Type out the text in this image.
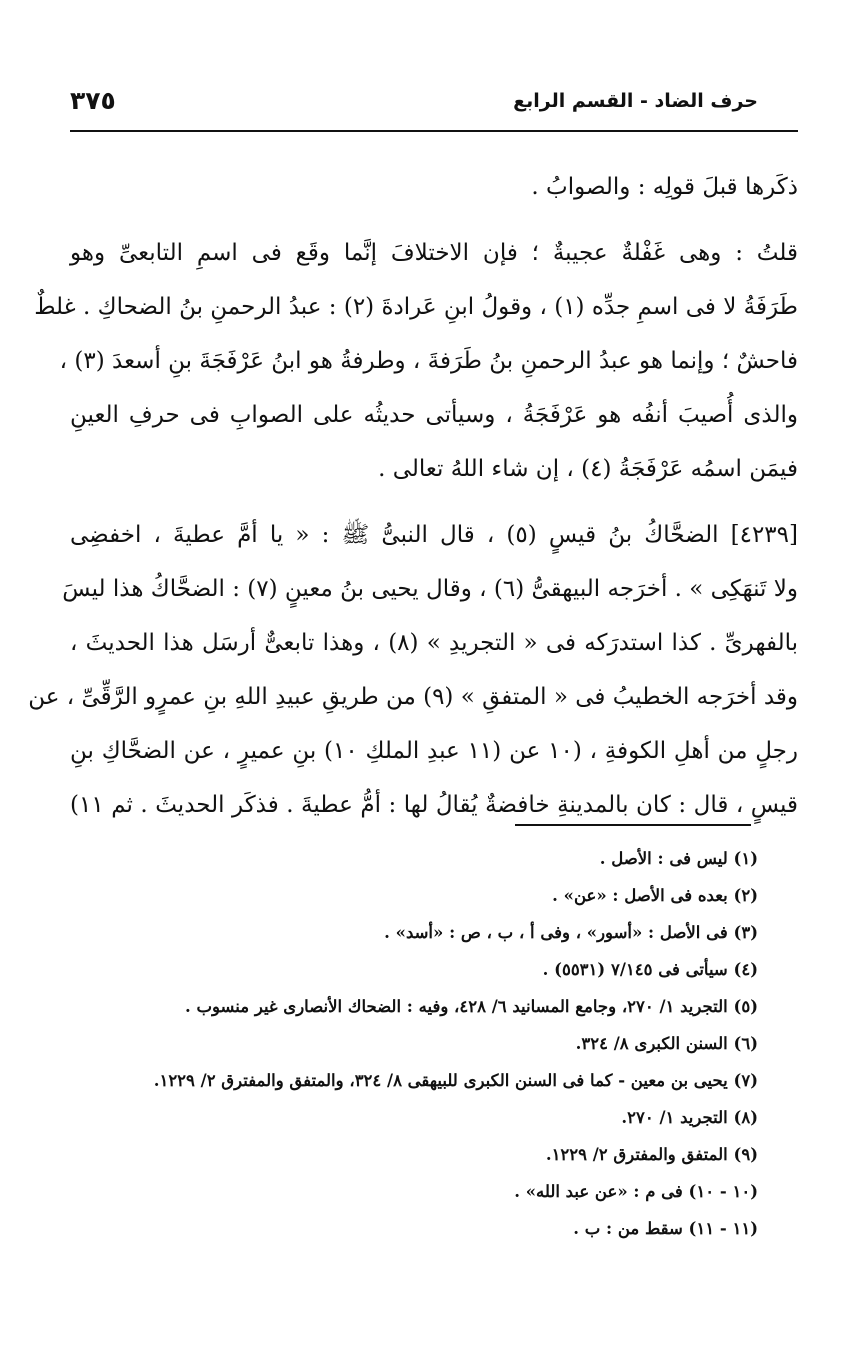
حرف الضاد - القسم الرابع
٣٧٥
ذكَرها قبلَ قولِه : والصوابُ .
قلتُ : وهى غَفْلةٌ عجيبةٌ ؛ فإن الاختلافَ إنَّما وقَع فى اسمِ التابعىِّ وهو
طَرَفَةُ لا فى اسمِ جدِّه (١) ، وقولُ ابنِ عَرادةَ (٢) : عبدُ الرحمنِ بنُ الضحاكِ . غلطٌ
فاحشٌ ؛ وإنما هو عبدُ الرحمنِ بنُ طَرَفةَ ، وطرفةُ هو ابنُ عَرْفَجَةَ بنِ أسعدَ (٣) ،
والذى أُصيبَ أنفُه هو عَرْفَجَةُ ، وسيأتى حديثُه على الصوابِ فى حرفِ العينِ
فيمَن اسمُه عَرْفَجَةُ (٤) ، إن شاء اللهُ تعالى .
[٤٢٣٩] الضحَّاكُ بنُ قيسٍ (٥) ، قال النبىُّ ﷺ : « يا أمَّ عطيةَ ، اخفضِى
ولا تَنهَكِى » . أخرَجه البيهقىُّ (٦) ، وقال يحيى بنُ معينٍ (٧) : الضحَّاكُ هذا ليسَ
بالفهرىِّ . كذا استدرَكه فى « التجريدِ » (٨) ، وهذا تابعىٌّ أرسَل هذا الحديثَ ،
وقد أخرَجه الخطيبُ فى « المتفقِ » (٩) من طريقِ عبيدِ اللهِ بنِ عمرٍو الرَّقِّىِّ ، عن
رجلٍ من أهلِ الكوفةِ ، (١٠ عن (١١ عبدِ الملكِ ١٠) بنِ عميرٍ ، عن الضحَّاكِ بنِ
قيسٍ ، قال : كان بالمدينةِ خافضةٌ يُقالُ لها : أمُّ عطيةَ . فذكَر الحديثَ . ثم ١١)
(١) ليس فى : الأصل .
(٢) بعده فى الأصل : «عن» .
(٣) فى الأصل : «أسور» ، وفى أ ، ب ، ص : «أسد» .
(٤) سيأتى فى ٧/١٤٥ (٥٥٣١) .
(٥) التجريد ١/ ٢٧٠، وجامع المسانيد ٦/ ٤٢٨، وفيه : الضحاك الأنصارى غير منسوب .
(٦) السنن الكبرى ٨/ ٣٢٤.
(٧) يحيى بن معين - كما فى السنن الكبرى للبيهقى ٨/ ٣٢٤، والمتفق والمفترق ٢/ ١٢٢٩.
(٨) التجريد ١/ ٢٧٠.
(٩) المتفق والمفترق ٢/ ١٢٢٩.
(١٠ - ١٠) فى م : «عن عبد الله» .
(١١ - ١١) سقط من : ب .
